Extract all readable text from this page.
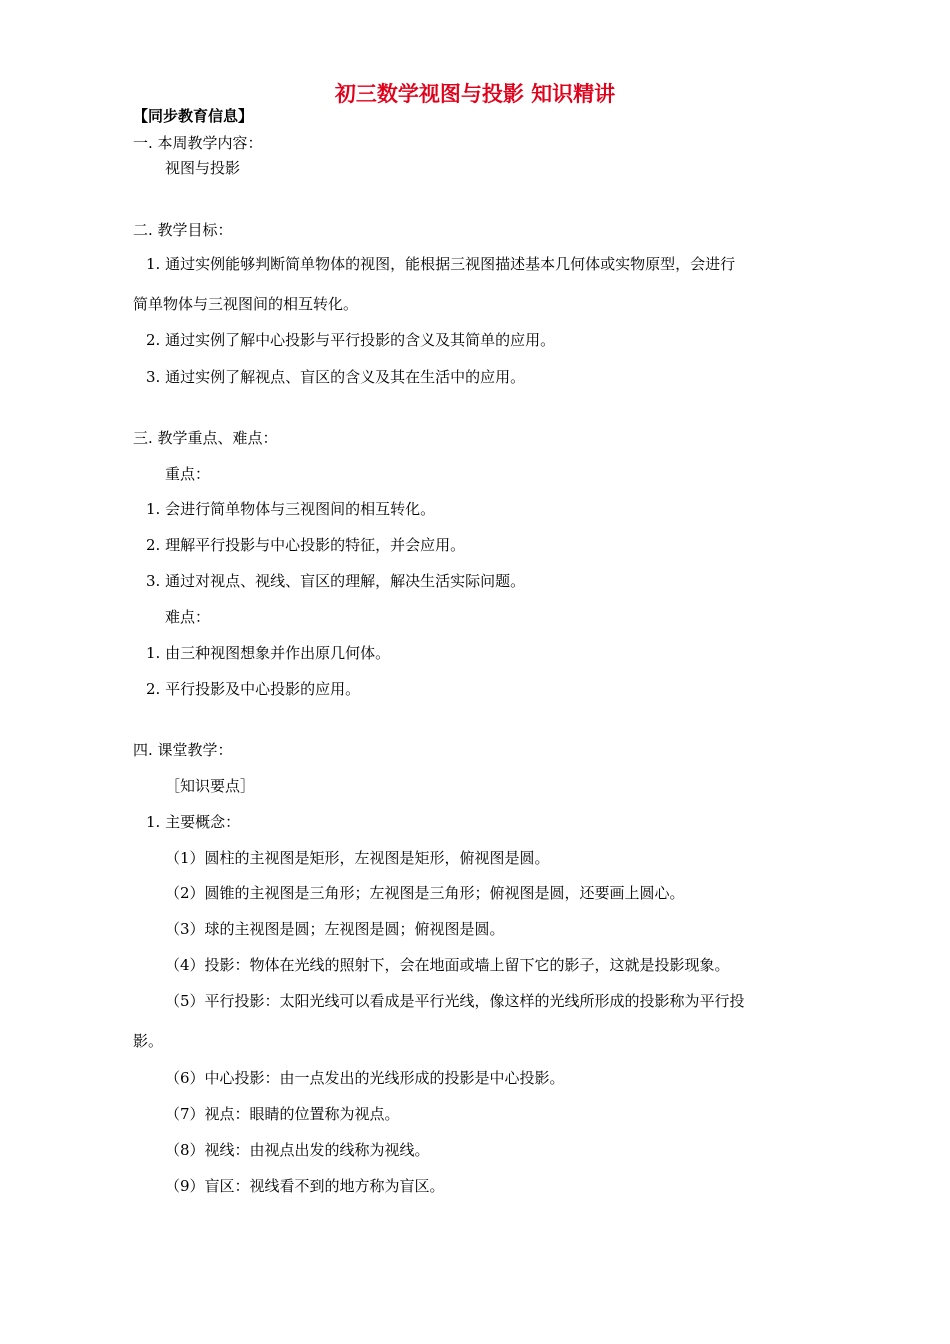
初三数学视图与投影 知识精讲
【同步教育信息】
一. 本周教学内容：
视图与投影
二. 教学目标：
1. 通过实例能够判断简单物体的视图，能根据三视图描述基本几何体或实物原型，会进行
简单物体与三视图间的相互转化。
2. 通过实例了解中心投影与平行投影的含义及其简单的应用。
3. 通过实例了解视点、盲区的含义及其在生活中的应用。
三. 教学重点、难点：
重点：
1. 会进行简单物体与三视图间的相互转化。
2. 理解平行投影与中心投影的特征，并会应用。
3. 通过对视点、视线、盲区的理解，解决生活实际问题。
难点：
1. 由三种视图想象并作出原几何体。
2. 平行投影及中心投影的应用。
四. 课堂教学：
［知识要点］
1. 主要概念：
（1）圆柱的主视图是矩形，左视图是矩形，俯视图是圆。
（2）圆锥的主视图是三角形；左视图是三角形；俯视图是圆，还要画上圆心。
（3）球的主视图是圆；左视图是圆；俯视图是圆。
（4）投影：物体在光线的照射下，会在地面或墙上留下它的影子，这就是投影现象。
（5）平行投影：太阳光线可以看成是平行光线，像这样的光线所形成的投影称为平行投
影。
（6）中心投影：由一点发出的光线形成的投影是中心投影。
（7）视点：眼睛的位置称为视点。
（8）视线：由视点出发的线称为视线。
（9）盲区：视线看不到的地方称为盲区。
